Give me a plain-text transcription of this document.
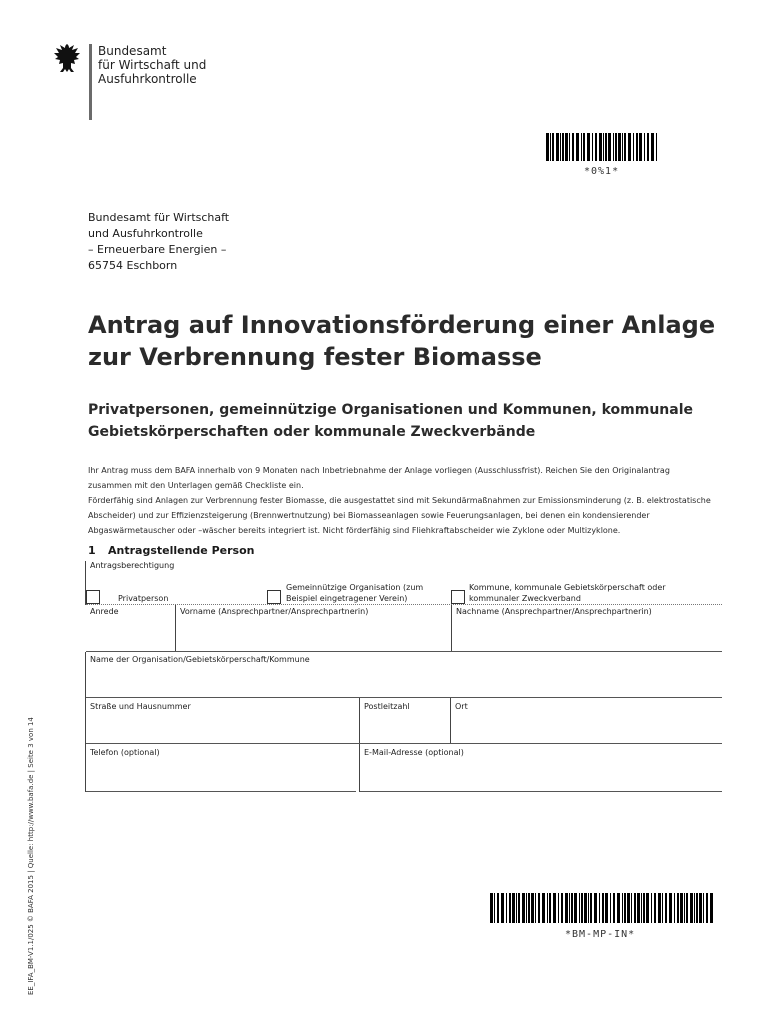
Bundesamt
für Wirtschaft und
Ausfuhrkontrolle
*0%1*
Bundesamt für Wirtschaft
und Ausfuhrkontrolle
– Erneuerbare Energien –
65754 Eschborn
Antrag auf Innovationsförderung einer Anlage zur Verbrennung fester Biomasse
Privatpersonen, gemeinnützige Organisationen und Kommunen, kommunale Gebietskörperschaften oder kommunale Zweckverbände
Ihr Antrag muss dem BAFA innerhalb von 9 Monaten nach Inbetriebnahme der Anlage vorliegen (Ausschlussfrist). Reichen Sie den Originalantrag
zusammen mit den Unterlagen gemäß Checkliste ein.
Förderfähig sind Anlagen zur Verbrennung fester Biomasse, die ausgestattet sind mit Sekundärmaßnahmen zur Emissionsminderung (z. B. elektrostatische
Abscheider) und zur Effizienzsteigerung (Brennwertnutzung) bei Biomasseanlagen sowie Feuerungsanlagen, bei denen ein kondensierender
Abgaswärmetauscher oder –wäscher bereits integriert ist. Nicht förderfähig sind Fliehkraftabscheider wie Zyklone oder Multizyklone.
1 Antragstellende Person
Antragsberechtigung
Privatperson
Gemeinnützige Organisation (zum
Beispiel eingetragener Verein)
Kommune, kommunale Gebietskörperschaft oder
kommunaler Zweckverband
Anrede	Vorname (Ansprechpartner/Ansprechpartnerin)	Nachname (Ansprechpartner/Ansprechpartnerin)
Name der Organisation/Gebietskörperschaft/Kommune
Straße und Hausnummer	Postleitzahl	Ort
Telefon (optional)	E-Mail-Adresse (optional)
EE_IFA_BM-V1.1/025 © BAFA 2015 | Quelle: http://www.bafa.de | Seite 3 von 14	*BM-MP-IN*
